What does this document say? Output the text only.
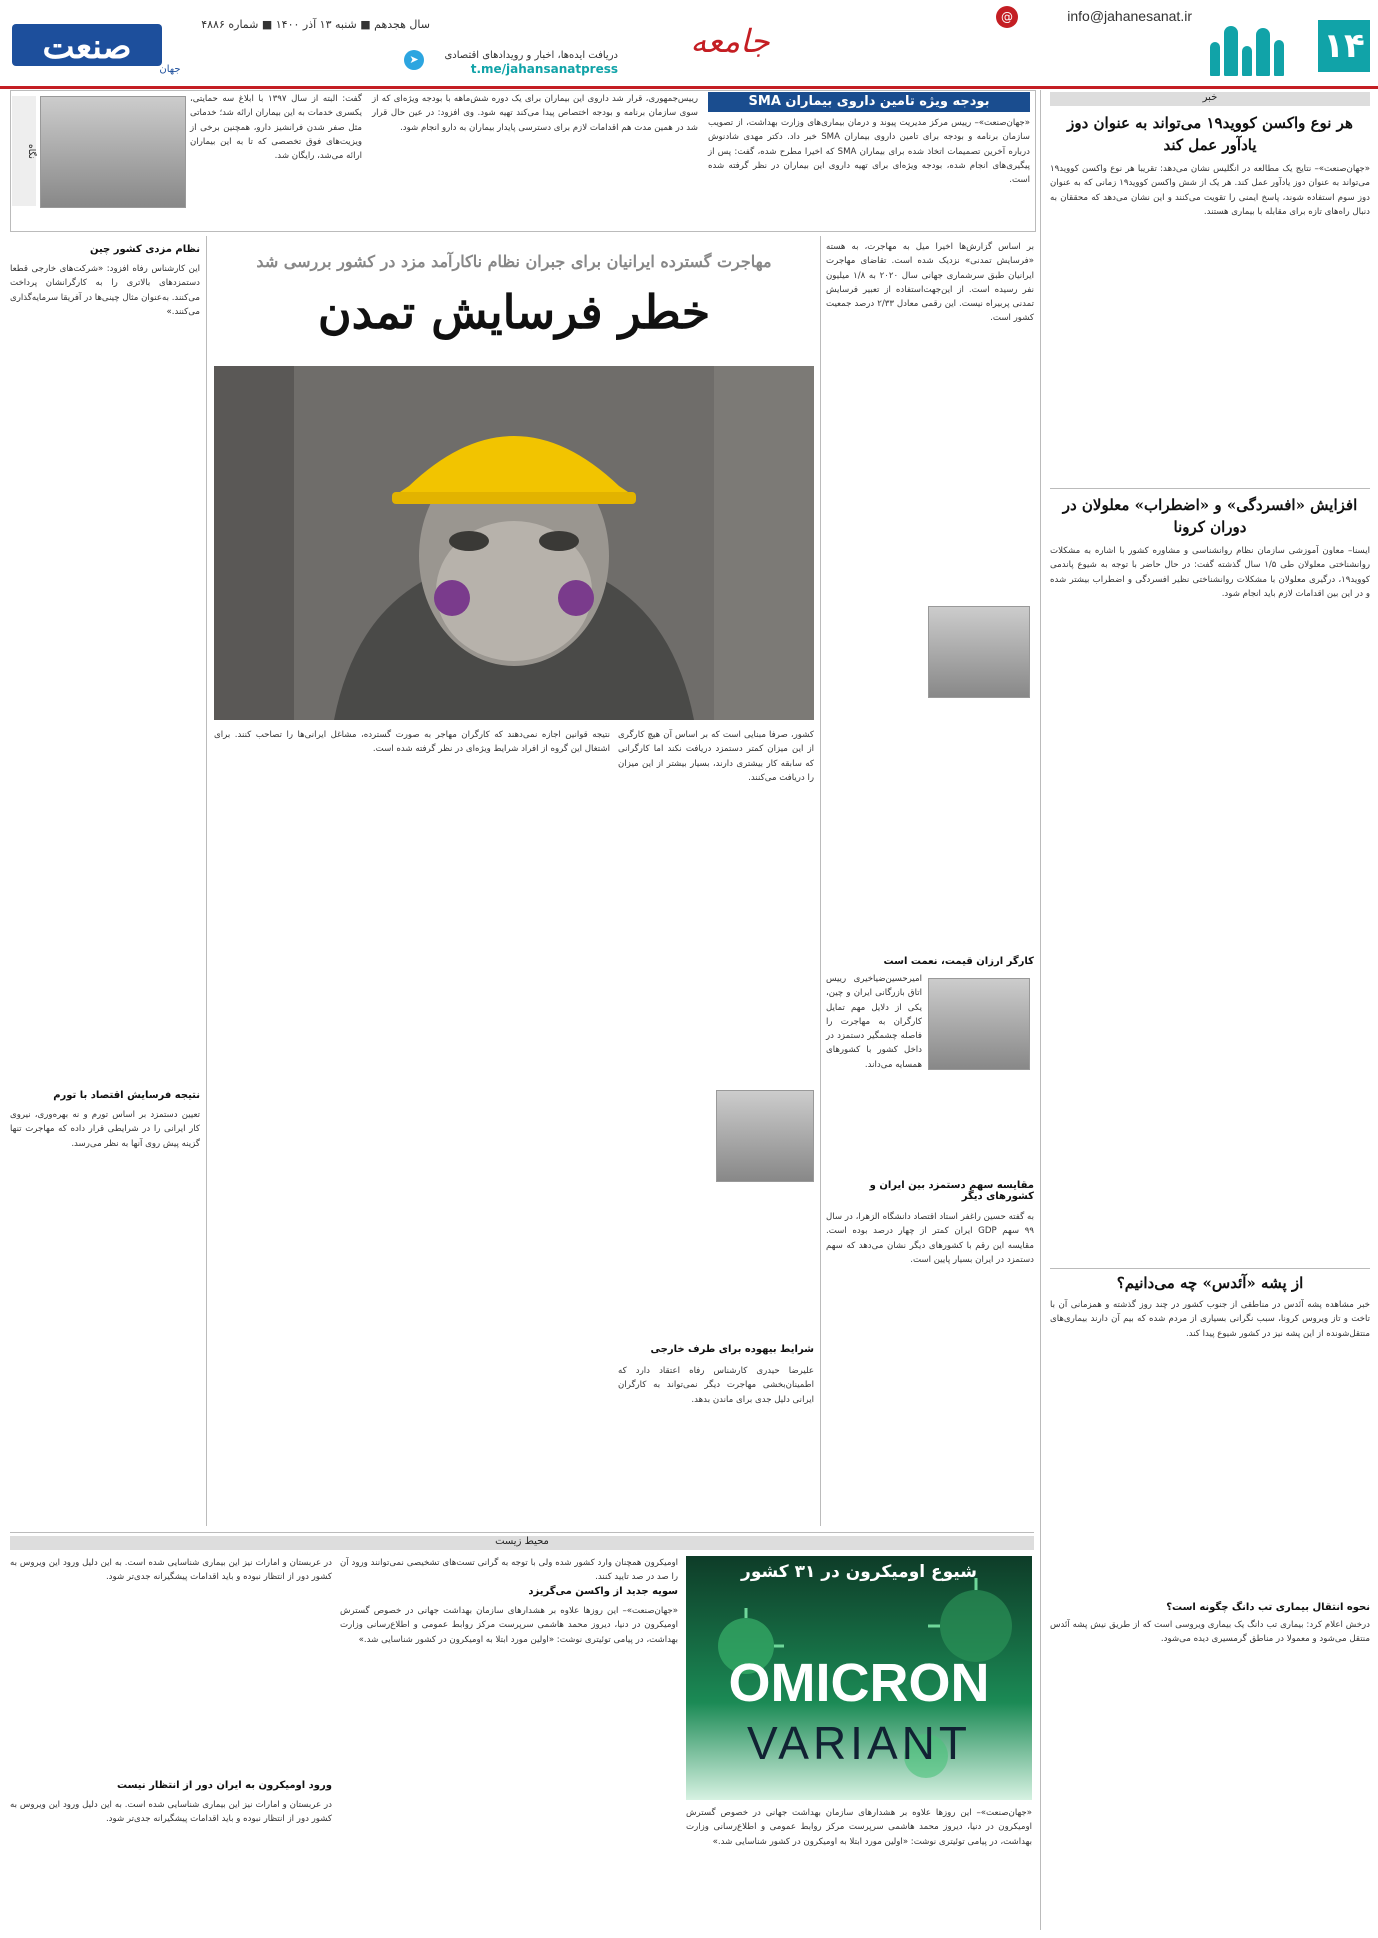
۱۴
@	info@jahanesanat.ir
جامعه
➤	دریافت ایده‌ها، اخبار و رویدادهای اقتصادی
t.me/jahansanatpress
سال هجدهم ■ شنبه ۱۳ آذر ۱۴۰۰ ■ شماره ۴۸۸۶
صنعت
جهان
خبر
هر نوع واکسن کووید۱۹ می‌تواند به عنوان دوز یادآور عمل کند
«جهان‌صنعت»– نتایج یک مطالعه در انگلیس نشان می‌دهد: تقریبا هر نوع واکسن کووید۱۹ می‌تواند به عنوان دوز یادآور عمل کند. هر یک از شش واکسن کووید۱۹ زمانی که به عنوان دوز سوم استفاده شوند، پاسخ ایمنی را تقویت می‌کنند و این نشان می‌دهد که محققان به دنبال راه‌های تازه برای مقابله با بیماری هستند.
افزایش «افسردگی» و «اضطراب» معلولان در دوران کرونا
ایسنا– معاون آموزشی سازمان نظام روانشناسی و مشاوره کشور با اشاره به مشکلات روانشناختی معلولان طی ۱/۵ سال گذشته گفت: در حال حاضر با توجه به شیوع پاندمی کووید۱۹، درگیری معلولان با مشکلات روانشناختی نظیر افسردگی و اضطراب بیشتر شده و در این بین اقدامات لازم باید انجام شود.
از پشه «آئدس» چه می‌دانیم؟
خبر مشاهده پشه آئدس در مناطقی از جنوب کشور در چند روز گذشته و همزمانی آن با تاخت و تاز ویروس کرونا، سبب نگرانی بسیاری از مردم شده که بیم آن دارند بیماری‌های منتقل‌شونده از این پشه نیز در کشور شیوع پیدا کند.
نحوه انتقال بیماری تب دانگ چگونه است؟
درخش اعلام کرد: بیماری تب دانگ یک بیماری ویروسی است که از طریق نیش پشه آئدس منتقل می‌شود و معمولا در مناطق گرمسیری دیده می‌شود.
بودجه ویژه تامین داروی بیماران SMA
«جهان‌صنعت»– رییس مرکز مدیریت پیوند و درمان بیماری‌های وزارت بهداشت، از تصویب سازمان برنامه و بودجه برای تامین داروی بیماران SMA خبر داد. دکتر مهدی شادنوش درباره آخرین تصمیمات اتخاذ شده برای بیماران SMA که اخیرا مطرح شده، گفت: پس از پیگیری‌های انجام شده، بودجه ویژه‌ای برای تهیه داروی این بیماران در نظر گرفته شده است.
رییس‌جمهوری، قرار شد داروی این بیماران برای یک دوره شش‌ماهه با بودجه ویژه‌ای که از سوی سازمان برنامه و بودجه اختصاص پیدا می‌کند تهیه شود. وی افزود: در عین حال قرار شد در همین مدت هم اقدامات لازم برای دسترسی پایدار بیماران به دارو انجام شود.
گفت: البته از سال ۱۳۹۷ با ابلاغ سه حمایتی، یکسری خدمات به این بیماران ارائه شد؛ خدماتی مثل صفر شدن فرانشیز دارو، همچنین برخی از ویزیت‌های فوق تخصصی که تا به این بیماران ارائه می‌شد، رایگان شد.
نگاه
مهاجرت گسترده ایرانیان برای جبران نظام ناکارآمد مزد در کشور بررسی شد
خطر فرسایش تمدن
بر اساس گزارش‌ها اخیرا میل به مهاجرت، به هسته «فرسایش تمدنی» نزدیک شده است. تقاضای مهاجرت ایرانیان طبق سرشماری جهانی سال ۲۰۲۰ به ۱/۸ میلیون نفر رسیده است. از این‌جهت‌استفاده از تعبیر فرسایش تمدنی پربیراه نیست. این رقمی معادل ۲/۳۳ درصد جمعیت کشور است.
کارگر ارزان قیمت، نعمت است
امیرحسین‌ضیاخیری رییس اتاق بازرگانی ایران و چین، یکی از دلایل مهم تمایل کارگران به مهاجرت را فاصله چشمگیر دستمزد در داخل کشور با کشورهای همسایه می‌داند.
مقایسه سهم دستمزد بین ایران و کشورهای دیگر
به گفته حسین راغفر استاد اقتصاد دانشگاه الزهرا، در سال ۹۹ سهم GDP ایران کمتر از چهار درصد بوده است. مقایسه این رقم با کشورهای دیگر نشان می‌دهد که سهم دستمزد در ایران بسیار پایین است.
کشور، صرفا مبنایی است که بر اساس آن هیچ کارگری از این میزان کمتر دستمزد دریافت نکند اما کارگرانی که سابقه کار بیشتری دارند، بسیار بیشتر از این میزان را دریافت می‌کنند.
شرایط بیهوده برای طرف خارجی
علیرضا حیدری کارشناس رفاه اعتقاد دارد که اطمینان‌بخشی مهاجرت دیگر نمی‌تواند به کارگران ایرانی دلیل جدی برای ماندن بدهد.
نتیجه قوانین اجازه نمی‌دهند که کارگران مهاجر به صورت گسترده، مشاغل ایرانی‌ها را تصاحب کنند. برای اشتغال این گروه از افراد شرایط ویژه‌ای در نظر گرفته شده است.
نظام مزدی کشور چین
این کارشناس رفاه افزود: «شرکت‌های خارجی قطعا دستمزدهای بالاتری را به کارگرانشان پرداخت می‌کنند. به‌عنوان مثال چینی‌ها در آفریقا سرمایه‌گذاری می‌کنند.»
نتیجه فرسایش اقتصاد با تورم
تعیین دستمزد بر اساس تورم و نه بهره‌وری، نیروی کار ایرانی را در شرایطی قرار داده که مهاجرت تنها گزینه پیش روی آنها به نظر می‌رسد.
محیط زیست
شیوع اومیکرون در ۳۱ کشور
OMICRON
VARIANT
«جهان‌صنعت»– این روزها علاوه بر هشدارهای سازمان بهداشت جهانی در خصوص گسترش اومیکرون در دنیا، دیروز محمد هاشمی سرپرست مرکز روابط عمومی و اطلاع‌رسانی وزارت بهداشت، در پیامی توئیتری نوشت: «اولین مورد ابتلا به اومیکرون در کشور شناسایی شد.»
اومیکرون همچنان وارد کشور شده ولی با توجه به گرانی تست‌های تشخیصی نمی‌توانند ورود آن را صد در صد تایید کنند.
سویه جدید از واکسن می‌گریزد
«جهان‌صنعت»– این روزها علاوه بر هشدارهای سازمان بهداشت جهانی در خصوص گسترش اومیکرون در دنیا، دیروز محمد هاشمی سرپرست مرکز روابط عمومی و اطلاع‌رسانی وزارت بهداشت، در پیامی توئیتری نوشت: «اولین مورد ابتلا به اومیکرون در کشور شناسایی شد.»
در عربستان و امارات نیز این بیماری شناسایی شده است. به این دلیل ورود این ویروس به کشور دور از انتظار نبوده و باید اقدامات پیشگیرانه جدی‌تر شود.
ورود اومیکرون به ایران دور از انتظار نیست
در عربستان و امارات نیز این بیماری شناسایی شده است. به این دلیل ورود این ویروس به کشور دور از انتظار نبوده و باید اقدامات پیشگیرانه جدی‌تر شود.
